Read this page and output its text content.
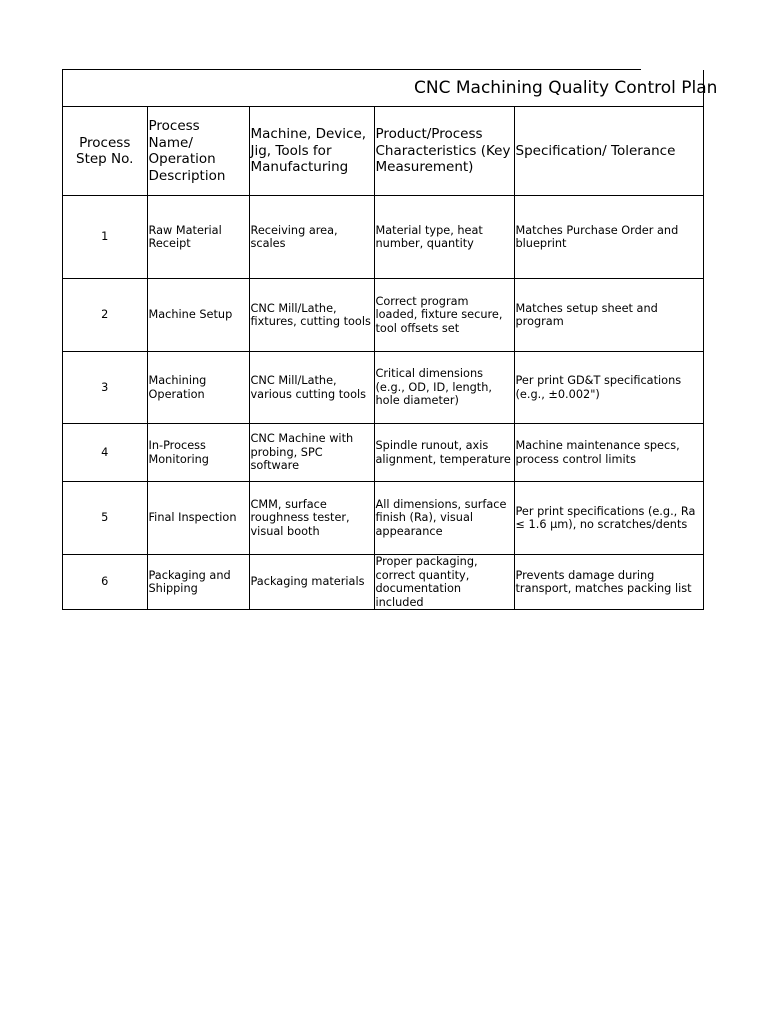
CNC Machining Quality Control Plan				

Process Step No.	Process Name/ Operation Description	Machine, Device, Jig, Tools for Manufacturing	Product/Process Characteristics (Key Measurement)	Specification/ Tolerance
1	Raw Material Receipt	Receiving area, scales	Material type, heat number, quantity	Matches Purchase Order and blueprint
2	Machine Setup	CNC Mill/Lathe, fixtures, cutting tools	Correct program loaded, fixture secure, tool offsets set	Matches setup sheet and program
3	Machining Operation	CNC Mill/Lathe, various cutting tools	Critical dimensions (e.g., OD, ID, length, hole diameter)	Per print GD&T specifications (e.g., ±0.002")
4	In-Process Monitoring	CNC Machine with probing, SPC software	Spindle runout, axis alignment, temperature	Machine maintenance specs, process control limits
5	Final Inspection	CMM, surface roughness tester, visual booth	All dimensions, surface finish (Ra), visual appearance	Per print specifications (e.g., Ra ≤ 1.6 µm), no scratches/dents
6	Packaging and Shipping	Packaging materials	Proper packaging, correct quantity, documentation included	Prevents damage during transport, matches packing list
